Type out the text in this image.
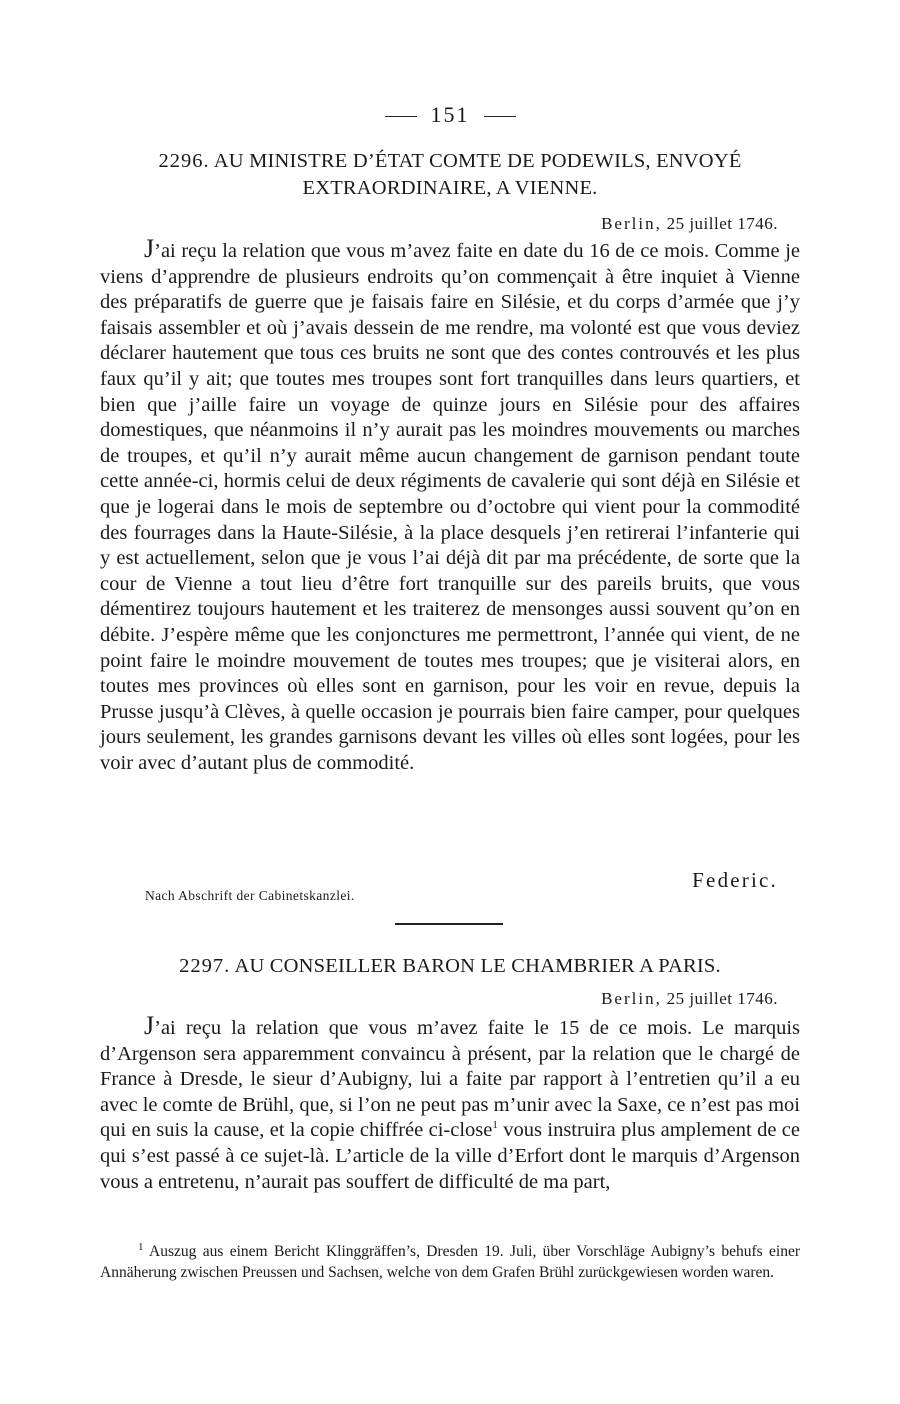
151
2296. AU MINISTRE D’ÉTAT COMTE DE PODEWILS, ENVOYÉ
EXTRAORDINAIRE, A VIENNE.
Berlin, 25 juillet 1746.

J’ai reçu la relation que vous m’avez faite en date du 16 de ce mois. Comme je viens d’apprendre de plusieurs endroits qu’on commençait à être inquiet à Vienne des préparatifs de guerre que je faisais faire en Silésie, et du corps d’armée que j’y faisais assembler et où j’avais dessein de me rendre, ma volonté est que vous deviez déclarer hautement que tous ces bruits ne sont que des contes controuvés et les plus faux qu’il y ait; que toutes mes troupes sont fort tranquilles dans leurs quartiers, et bien que j’aille faire un voyage de quinze jours en Silésie pour des affaires domestiques, que néanmoins il n’y aurait pas les moindres mouvements ou marches de troupes, et qu’il n’y aurait même aucun changement de garnison pendant toute cette année-ci, hormis celui de deux régiments de cavalerie qui sont déjà en Silésie et que je logerai dans le mois de septembre ou d’octobre qui vient pour la commodité des fourrages dans la Haute-Silésie, à la place desquels j’en retirerai l’infanterie qui y est actuellement, selon que je vous l’ai déjà dit par ma précédente, de sorte que la cour de Vienne a tout lieu d’être fort tranquille sur des pareils bruits, que vous démentirez toujours hautement et les traiterez de mensonges aussi souvent qu’on en débite. J’espère même que les conjonctures me permettront, l’année qui vient, de ne point faire le moindre mouvement de toutes mes troupes; que je visiterai alors, en toutes mes provinces où elles sont en garnison, pour les voir en revue, depuis la Prusse jusqu’à Clèves, à quelle occasion je pourrais bien faire camper, pour quelques jours seulement, les grandes garnisons devant les villes où elles sont logées, pour les voir avec d’autant plus de commodité.

Federic.
Nach Abschrift der Cabinetskanzlei.
2297. AU CONSEILLER BARON LE CHAMBRIER A PARIS.
Berlin, 25 juillet 1746.

J’ai reçu la relation que vous m’avez faite le 15 de ce mois. Le marquis d’Argenson sera apparemment convaincu à présent, par la relation que le chargé de France à Dresde, le sieur d’Aubigny, lui a faite par rapport à l’entretien qu’il a eu avec le comte de Brühl, que, si l’on ne peut pas m’unir avec la Saxe, ce n’est pas moi qui en suis la cause, et la copie chiffrée ci-close$^1$ vous instruira plus amplement de ce qui s’est passé à ce sujet-là. L’article de la ville d’Erfort dont le marquis d’Argenson vous a entretenu, n’aurait pas souffert de difficulté de ma part,

$^1$ Auszug aus einem Bericht Klinggräffen’s, Dresden 19. Juli, über Vorschläge Aubigny’s behufs einer Annäherung zwischen Preussen und Sachsen, welche von dem Grafen Brühl zurückgewiesen worden waren.
